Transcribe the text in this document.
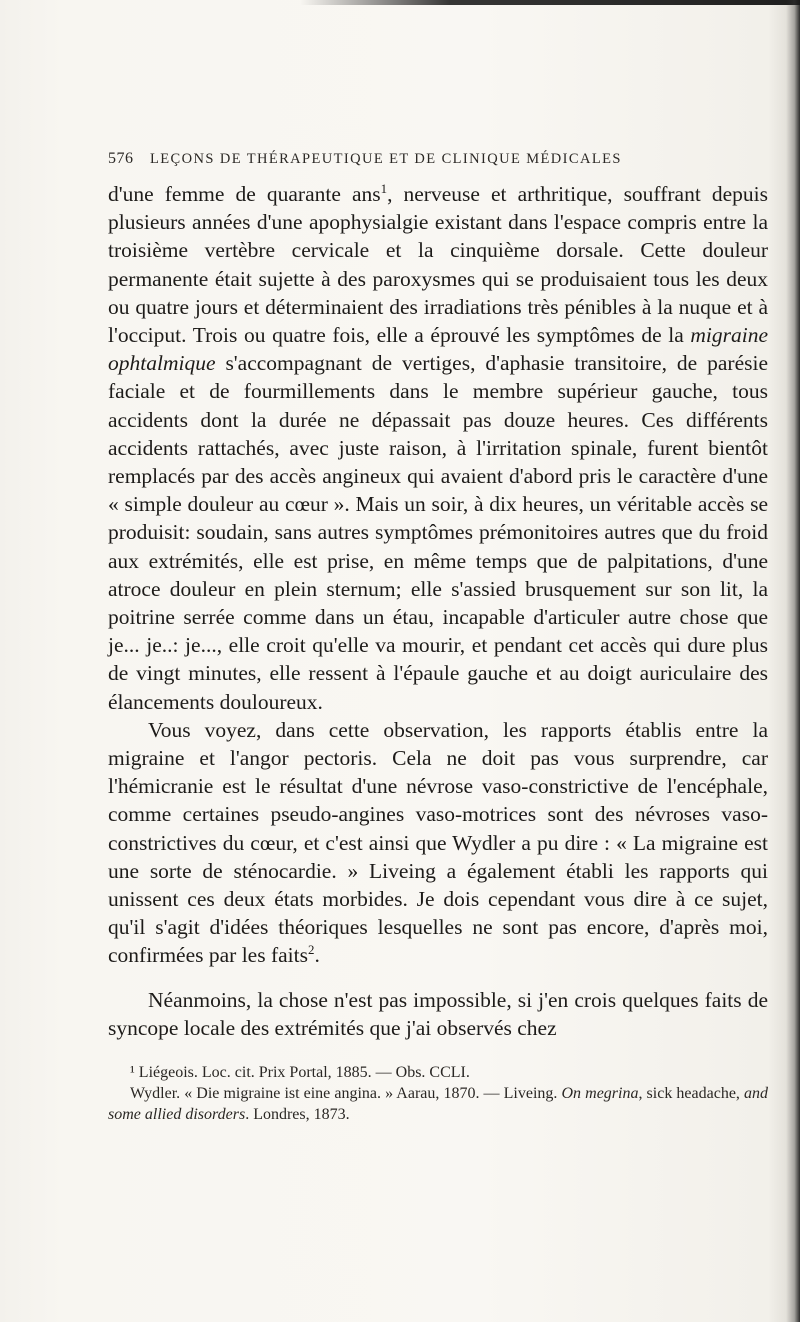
576 LEÇONS DE THÉRAPEUTIQUE ET DE CLINIQUE MÉDICALES

d'une femme de quarante ans$^1$, nerveuse et arthritique, souffrant depuis plusieurs années d'une apophysialgie existant dans l'espace compris entre la troisième vertèbre cervicale et la cinquième dorsale. Cette douleur permanente était sujette à des paroxysmes qui se produisaient tous les deux ou quatre jours et déterminaient des irradiations très pénibles à la nuque et à l'occiput. Trois ou quatre fois, elle a éprouvé les symptômes de la migraine ophtalmique s'accompagnant de vertiges, d'aphasie transitoire, de parésie faciale et de fourmillements dans le membre supérieur gauche, tous accidents dont la durée ne dépassait pas douze heures. Ces différents accidents rattachés, avec juste raison, à l'irritation spinale, furent bientôt remplacés par des accès angineux qui avaient d'abord pris le caractère d'une « simple douleur au cœur ». Mais un soir, à dix heures, un véritable accès se produisit: soudain, sans autres symptômes prémonitoires autres que du froid aux extrémités, elle est prise, en même temps que de palpitations, d'une atroce douleur en plein sternum; elle s'assied brusquement sur son lit, la poitrine serrée comme dans un étau, incapable d'articuler autre chose que je... je..: je..., elle croit qu'elle va mourir, et pendant cet accès qui dure plus de vingt minutes, elle ressent à l'épaule gauche et au doigt auriculaire des élancements douloureux.

Vous voyez, dans cette observation, les rapports établis entre la migraine et l'angor pectoris. Cela ne doit pas vous surprendre, car l'hémicranie est le résultat d'une névrose vaso-constrictive de l'encéphale, comme certaines pseudo-angines vaso-motrices sont des névroses vaso-constrictives du cœur, et c'est ainsi que Wydler a pu dire : « La migraine est une sorte de sténocardie. » Liveing a également établi les rapports qui unissent ces deux états morbides. Je dois cependant vous dire à ce sujet, qu'il s'agit d'idées théoriques lesquelles ne sont pas encore, d'après moi, confirmées par les faits$^2$.

Néanmoins, la chose n'est pas impossible, si j'en crois quelques faits de syncope locale des extrémités que j'ai observés chez

¹ Liégeois. Loc. cit. Prix Portal, 1885. — Obs. CCLI.

Wydler. « Die migraine ist eine angina. » Aarau, 1870. — Liveing. On megrina, sick headache, and some allied disorders. Londres, 1873.
